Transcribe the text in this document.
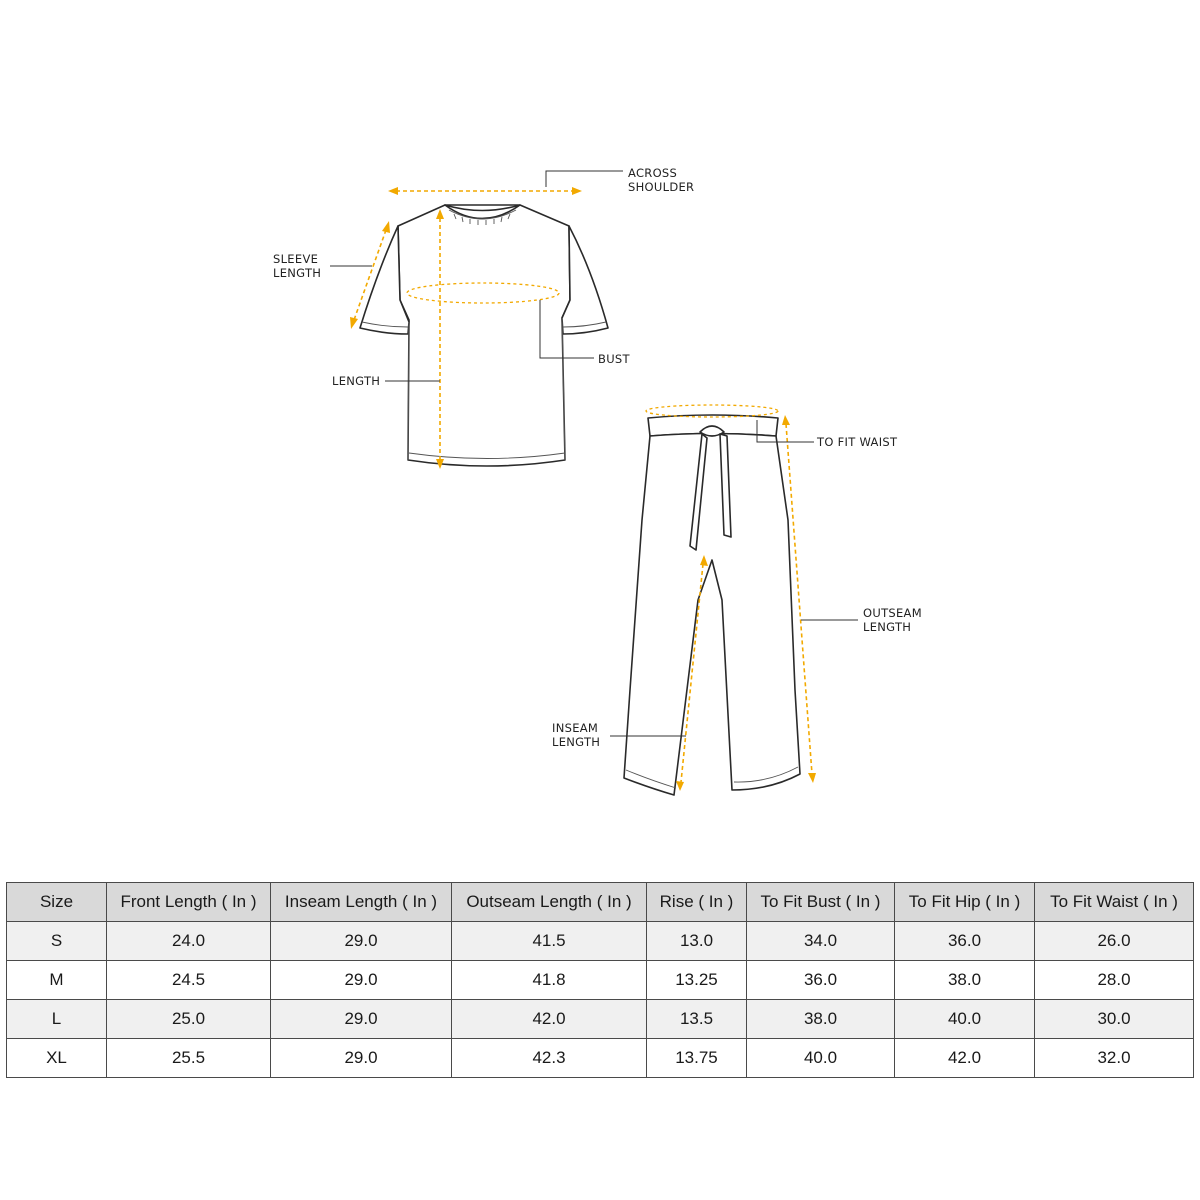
ACROSS
SHOULDER
SLEEVE
LENGTH
BUST
LENGTH
TO FIT WAIST
OUTSEAM
LENGTH
INSEAM
LENGTH
Size	Front Length ( In )	Inseam Length ( In )	Outseam Length ( In )	Rise ( In )	To Fit Bust ( In )	To Fit Hip ( In )	To Fit Waist ( In )
S	24.0	29.0	41.5	13.0	34.0	36.0	26.0
M	24.5	29.0	41.8	13.25	36.0	38.0	28.0
L	25.0	29.0	42.0	13.5	38.0	40.0	30.0
XL	25.5	29.0	42.3	13.75	40.0	42.0	32.0
